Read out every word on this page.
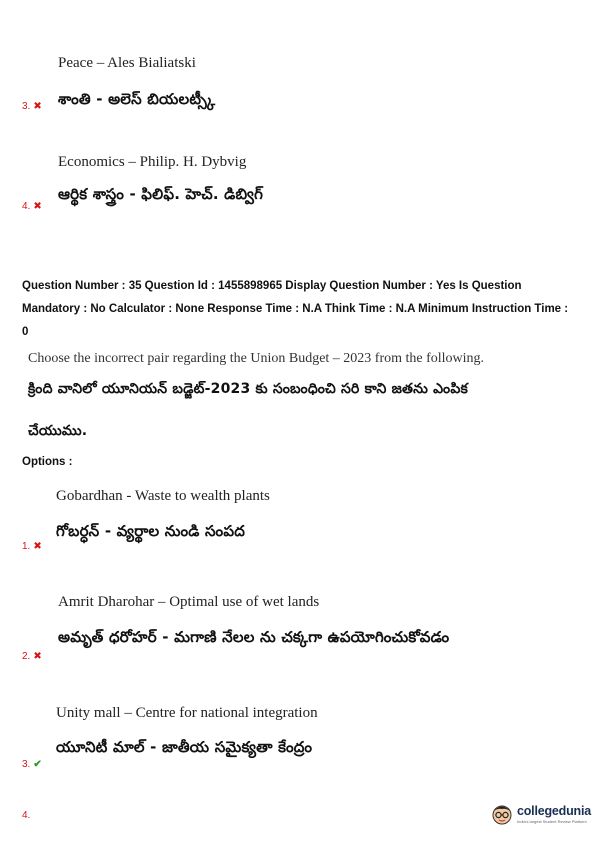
Peace – Ales Bialiatski
శాంతి - అలెస్ బియలట్స్కీ
3. ✖
Economics – Philip. H. Dybvig
ఆర్థిక శాస్త్రం - ఫిలిఫ్. హెచ్. డిబ్విగ్
4. ✖
Question Number : 35 Question Id : 1455898965 Display Question Number : Yes Is Question Mandatory : No Calculator : None Response Time : N.A Think Time : N.A Minimum Instruction Time : 0
Choose the incorrect pair regarding the Union Budget – 2023 from the following.
క్రింది వానిలో యూనియన్ బడ్జెట్-2023 కు సంబంధించి సరి కాని జతను ఎంపిక
చేయుము.
Options :
Gobardhan - Waste to wealth plants
గోబర్ధన్ - వ్యర్థాల నుండి సంపద
1. ✖
Amrit Dharohar – Optimal use of wet lands
అమృత్ ధరోహర్ - మగాణి నేలల ను చక్కగా ఉపయోగించుకోవడం
2. ✖
Unity mall – Centre for national integration
యూనిటీ మాల్ - జాతీయ సమైక్యతా కేంద్రం
3. ✔
4.	collegedunia
India's largest Student Review Platform
